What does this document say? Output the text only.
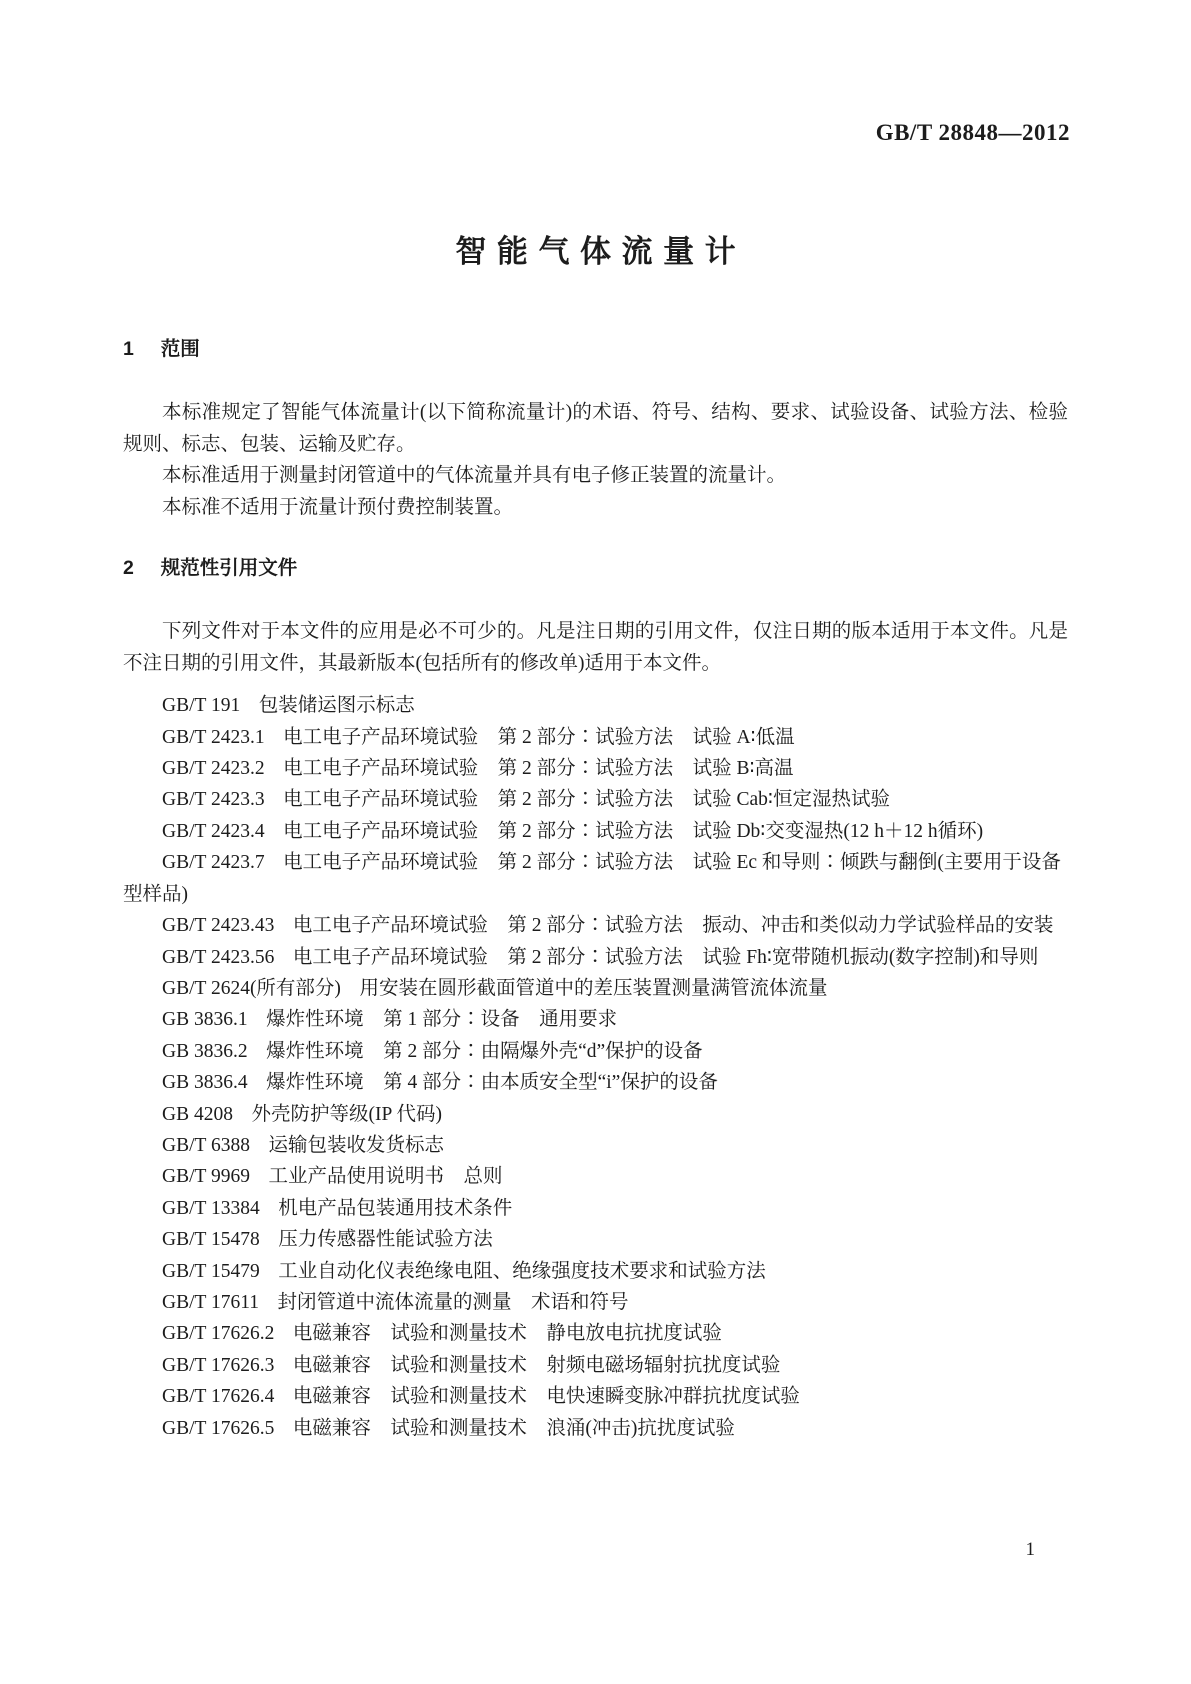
GB/T 28848—2012
智能气体流量计
1 范围

本标准规定了智能气体流量计(以下简称流量计)的术语、符号、结构、要求、试验设备、试验方法、检验规则、标志、包装、运输及贮存。

本标准适用于测量封闭管道中的气体流量并具有电子修正装置的流量计。

本标准不适用于流量计预付费控制装置。

2 规范性引用文件

下列文件对于本文件的应用是必不可少的。凡是注日期的引用文件，仅注日期的版本适用于本文件。凡是不注日期的引用文件，其最新版本(包括所有的修改单)适用于本文件。

GB/T 191 包装储运图示标志

GB/T 2423.1 电工电子产品环境试验　第 2 部分∶试验方法　试验 A∶低温

GB/T 2423.2 电工电子产品环境试验　第 2 部分∶试验方法　试验 B∶高温

GB/T 2423.3 电工电子产品环境试验　第 2 部分∶试验方法　试验 Cab∶恒定湿热试验

GB/T 2423.4 电工电子产品环境试验　第 2 部分∶试验方法　试验 Db∶交变湿热(12 h＋12 h循环)

GB/T 2423.7 电工电子产品环境试验　第 2 部分∶试验方法　试验 Ec 和导则∶倾跌与翻倒(主要用于设备型样品)

GB/T 2423.43 电工电子产品环境试验　第 2 部分∶试验方法　振动、冲击和类似动力学试验样品的安装

GB/T 2423.56 电工电子产品环境试验　第 2 部分∶试验方法　试验 Fh∶宽带随机振动(数字控制)和导则

GB/T 2624(所有部分) 用安装在圆形截面管道中的差压装置测量满管流体流量

GB 3836.1 爆炸性环境　第 1 部分∶设备　通用要求

GB 3836.2 爆炸性环境　第 2 部分∶由隔爆外壳“d”保护的设备

GB 3836.4 爆炸性环境　第 4 部分∶由本质安全型“i”保护的设备

GB 4208 外壳防护等级(IP 代码)

GB/T 6388 运输包装收发货标志

GB/T 9969 工业产品使用说明书　总则

GB/T 13384 机电产品包装通用技术条件

GB/T 15478 压力传感器性能试验方法

GB/T 15479 工业自动化仪表绝缘电阻、绝缘强度技术要求和试验方法

GB/T 17611 封闭管道中流体流量的测量　术语和符号

GB/T 17626.2 电磁兼容　试验和测量技术　静电放电抗扰度试验

GB/T 17626.3 电磁兼容　试验和测量技术　射频电磁场辐射抗扰度试验

GB/T 17626.4 电磁兼容　试验和测量技术　电快速瞬变脉冲群抗扰度试验

GB/T 17626.5 电磁兼容　试验和测量技术　浪涌(冲击)抗扰度试验

1
